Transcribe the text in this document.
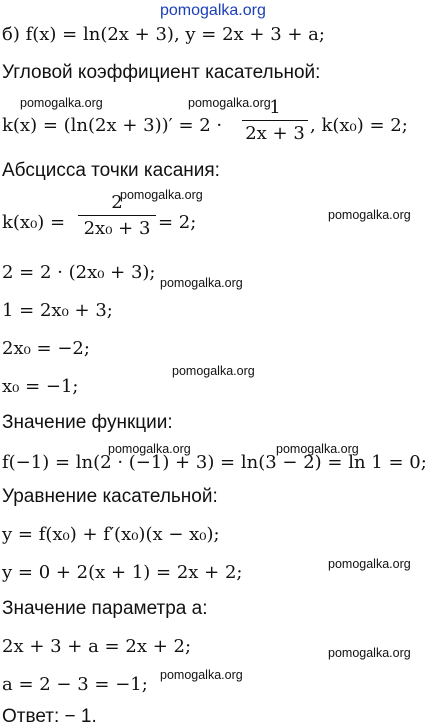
pomogalka.org
pomogalka.org	pomogalka.org
pomogalka.org
pomogalka.org
pomogalka.org
pomogalka.org
pomogalka.org	pomogalka.org
pomogalka.org
pomogalka.org
pomogalka.org
б) f(x) = ln(2x + 3), y = 2x + 3 + a;
Угловой коэффициент касательной:
k(x) = (ln(2x + 3))′ = 2 ·
1
2x + 3 , k(x₀) = 2;
Абсцисса точки касания:
k(x₀) =
2
2x₀ + 3 = 2;
2 = 2 · (2x₀ + 3);
1 = 2x₀ + 3;
2x₀ = −2;
x₀ = −1;
Значение функции:
f(−1) = ln(2 · (−1) + 3) = ln(3 − 2) = ln 1 = 0;
Уравнение касательной:
y = f(x₀) + f′(x₀)(x − x₀);
y = 0 + 2(x + 1) = 2x + 2;
Значение параметра a:
2x + 3 + a = 2x + 2;
a = 2 − 3 = −1;
Ответ: − 1.
